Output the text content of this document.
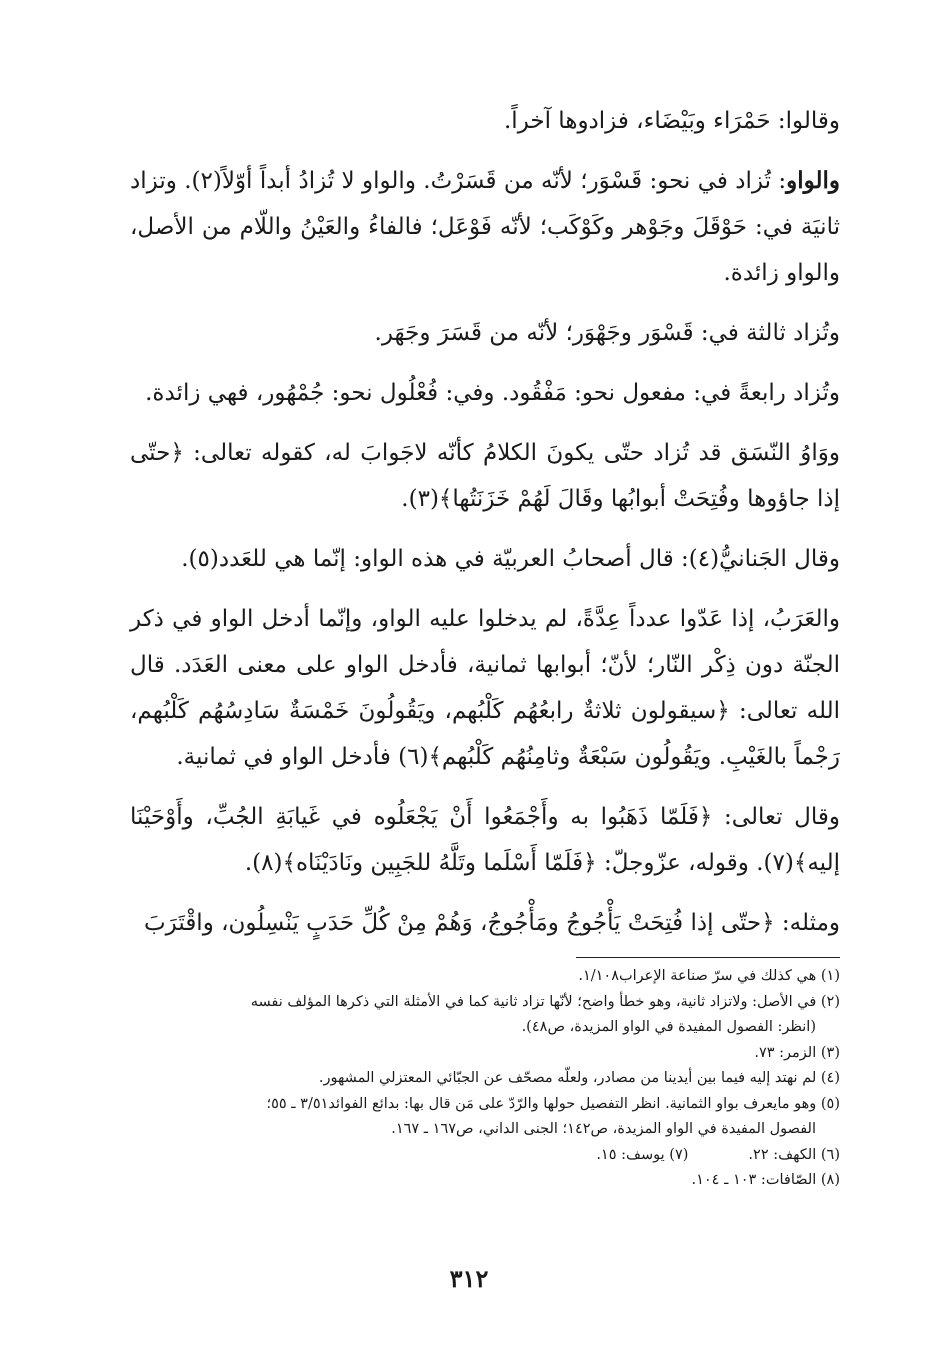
وقالوا: حَمْرَاء وبَيْضَاء، فزادوها آخراً.

والواو: تُزاد في نحو: قَسْوَر؛ لأنّه من قَسَرْتُ. والواو لا تُزادُ أبداً أوّلاً(٢). وتزاد ثانيَة في: حَوْقَلَ وجَوْهر وكَوْكَب؛ لأنّه فَوْعَل؛ فالفاءُ والعَيْنُ واللّام من الأصل، والواو زائدة.

وتُزاد ثالثة في: قَسْوَر وجَهْوَر؛ لأنّه من قَسَرَ وجَهَر.

وتُزاد رابعةً في: مفعول نحو: مَفْقُود. وفي: فُعْلُول نحو: جُمْهُور، فهي زائدة.

ووَاوُ النّسَق قد تُزاد حتّى يكونَ الكلامُ كأنّه لاجَوابَ له، كقوله تعالى: ﴿حتّى إذا جاؤوها وفُتِحَتْ أبوابُها وقَالَ لَهُمْ خَزَنَتُها﴾(٣).

وقال الجَنانيُّ(٤): قال أصحابُ العربيّة في هذه الواو: إنّما هي للعَدد(٥).

والعَرَبُ، إذا عَدّوا عدداً عِدَّةً، لم يدخلوا عليه الواو، وإنّما أدخل الواو في ذكر الجنّة دون ذِكْر النّار؛ لأنّ؛ أبوابها ثمانية، فأدخل الواو على معنى العَدَد. قال الله تعالى: ﴿سيقولون ثلاثةٌ رابعُهُم كَلْبُهم، ويَقُولُونَ خَمْسَةٌ سَادِسُهُم كَلْبُهم، رَجْماً بالغَيْبِ. ويَقُولُون سَبْعَةٌ وثامِنُهُم كَلْبُهم﴾(٦) فأدخل الواو في ثمانية.

وقال تعالى: ﴿فَلَمّا ذَهَبُوا به وأَجْمَعُوا أَنْ يَجْعَلُوه في غَيابَةِ الجُبِّ، وأَوْحَيْنَا إليه﴾(٧). وقوله، عزّوجلّ: ﴿فَلَمّا أَسْلَما وتَلَّهُ للجَبِين ونَادَيْنَاه﴾(٨).

ومثله: ﴿حتّى إذا فُتِحَتْ يَأْجُوجُ ومَأْجُوجُ، وَهُمْ مِنْ كُلِّ حَدَبٍ يَنْسِلُون، واقْتَرَبَ

(١) هي كذلك في سرّ صناعة الإعراب١/١٠٨.

(٢) في الأصل: ولاتزاد ثانية، وهو خطأ واضح؛ لأنّها تزاد ثانية كما في الأمثلة التي ذكرها المؤلف نفسه
(انظر: الفصول المفيدة في الواو المزيدة، ص٤٨).

(٣) الزمر: ٧٣.

(٤) لم نهتد إليه فيما بين أيدينا من مصادر، ولعلّه مصحّف عن الجبّائي المعتزلي المشهور.

(٥) وهو مايعرف بواو الثمانية. انظر التفصيل حولها والرّدّ على مَن قال بها: بدائع الفوائد٣/٥١ ـ ٥٥؛
الفصول المفيدة في الواو المزيدة، ص١٤٢؛ الجنى الداني، ص١٦٧ ـ ١٦٧.

(٦) الكهف: ٢٢.
(٧) يوسف: ١٥.

(٨) الصّافات: ١٠٣ ـ ١٠٤.

٣١٢
